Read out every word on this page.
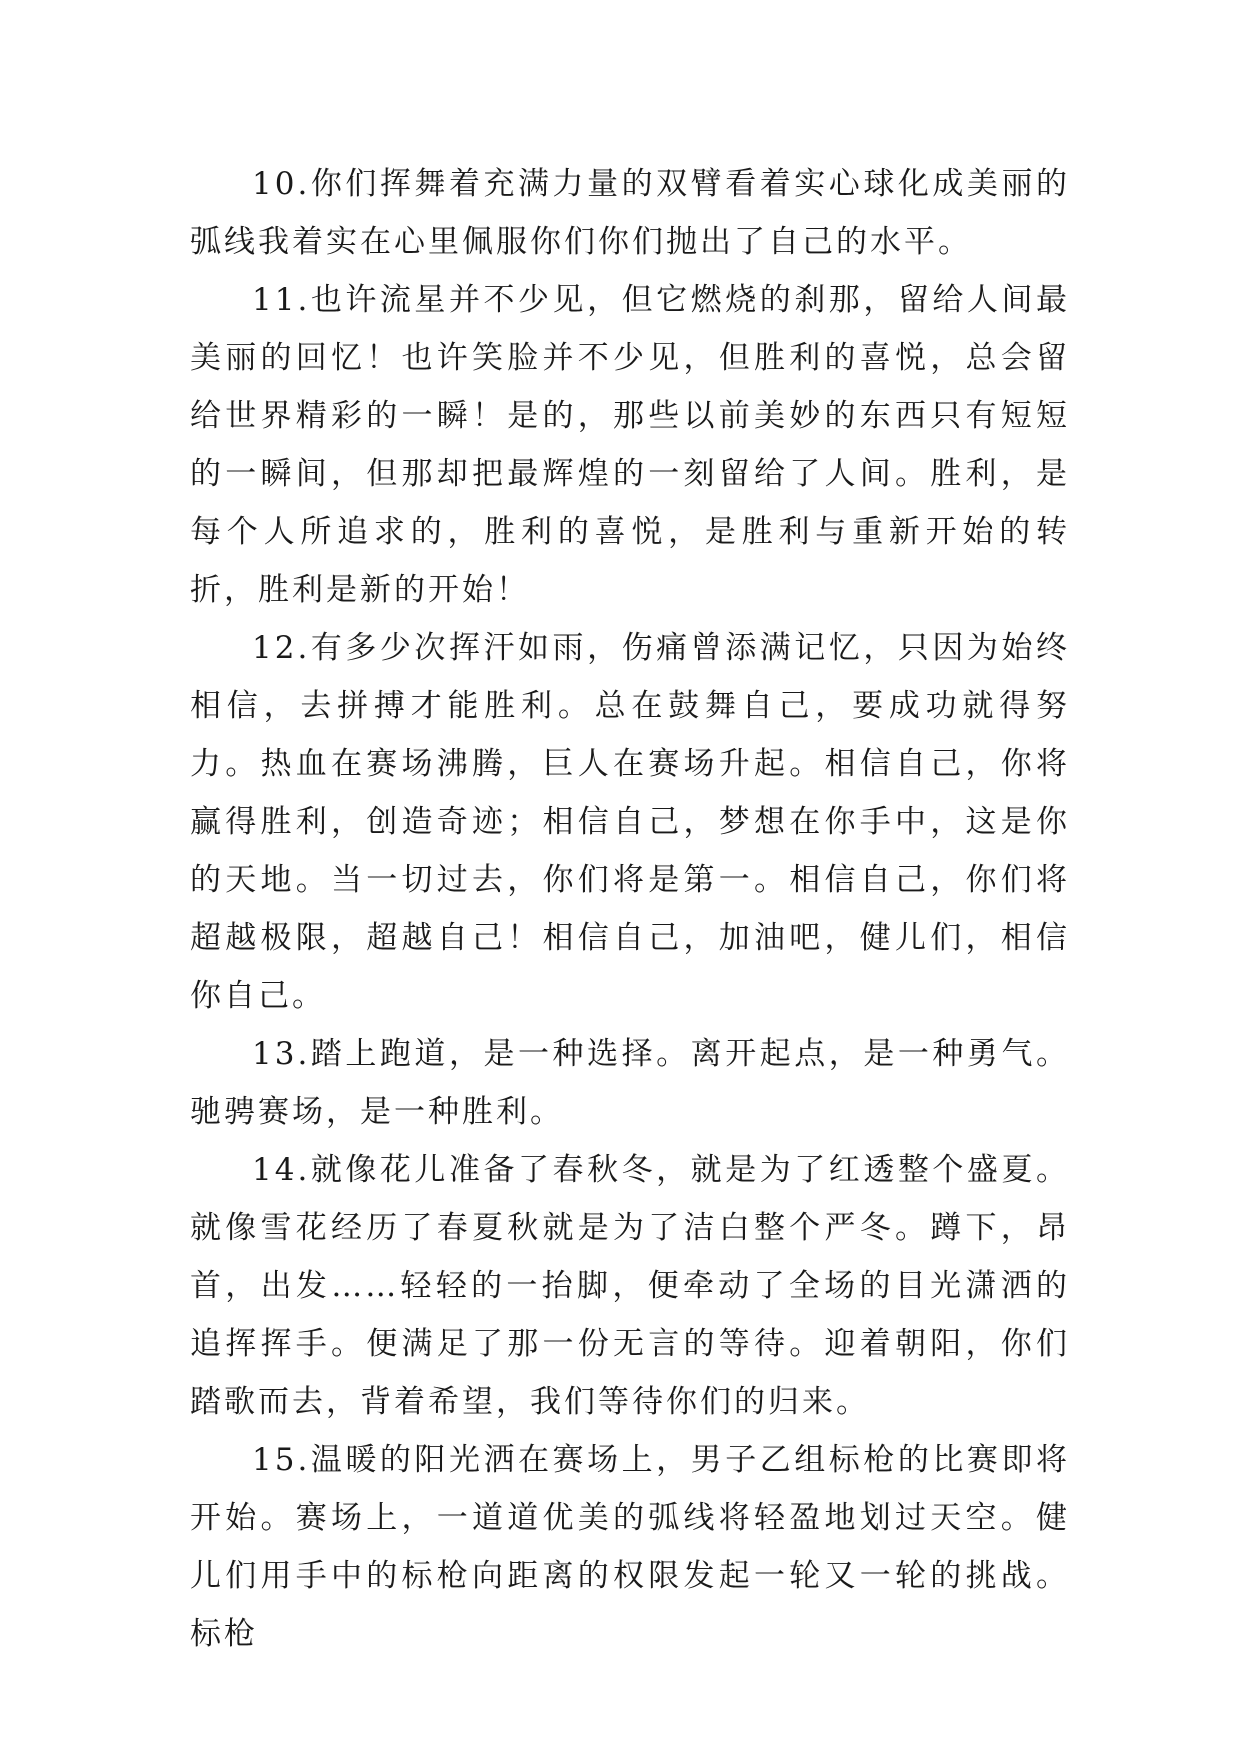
10.你们挥舞着充满力量的双臂看着实心球化成美丽的弧线我着实在心里佩服你们你们抛出了自己的水平。

11.也许流星并不少见，但它燃烧的刹那，留给人间最美丽的回忆！也许笑脸并不少见，但胜利的喜悦，总会留给世界精彩的一瞬！是的，那些以前美妙的东西只有短短的一瞬间，但那却把最辉煌的一刻留给了人间。胜利，是每个人所追求的，胜利的喜悦，是胜利与重新开始的转折，胜利是新的开始！

12.有多少次挥汗如雨，伤痛曾添满记忆，只因为始终相信，去拼搏才能胜利。总在鼓舞自己，要成功就得努力。热血在赛场沸腾，巨人在赛场升起。相信自己，你将赢得胜利，创造奇迹；相信自己，梦想在你手中，这是你的天地。当一切过去，你们将是第一。相信自己，你们将超越极限，超越自己！相信自己，加油吧，健儿们，相信你自己。

13.踏上跑道，是一种选择。离开起点，是一种勇气。驰骋赛场，是一种胜利。

14.就像花儿准备了春秋冬，就是为了红透整个盛夏。就像雪花经历了春夏秋就是为了洁白整个严冬。蹲下，昂首，出发……轻轻的一抬脚，便牵动了全场的目光潇洒的追挥挥手。便满足了那一份无言的等待。迎着朝阳，你们踏歌而去，背着希望，我们等待你们的归来。

15.温暖的阳光洒在赛场上，男子乙组标枪的比赛即将开始。赛场上，一道道优美的弧线将轻盈地划过天空。健儿们用手中的标枪向距离的权限发起一轮又一轮的挑战。标枪
